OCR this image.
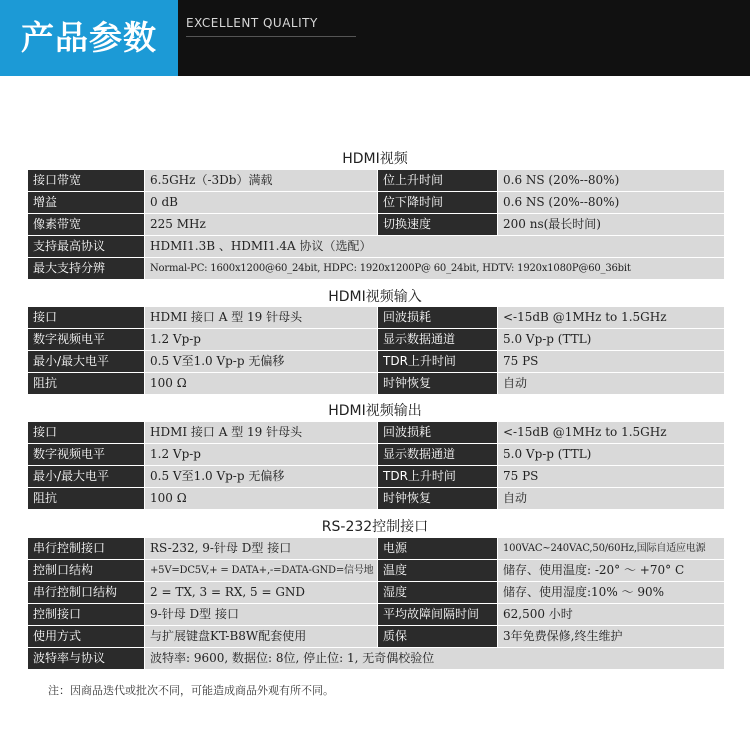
产品参数	EXCELLENT QUALITY
HDMI视频
接口带宽	6.5GHz（-3Db）满载	位上升时间	0.6 NS (20%--80%)
增益	0 dB	位下降时间	0.6 NS (20%--80%)
像素带宽	225 MHz	切换速度	200 ns(最长时间)
支持最高协议	HDMI1.3B 、HDMI1.4A 协议（选配）		
最大支持分辨	Normal-PC: 1600x1200@60_24bit, HDPC: 1920x1200P@ 60_24bit, HDTV: 1920x1080P@60_36bit		
HDMI视频输入
接口	HDMI 接口 A 型 19 针母头	回波损耗	<-15dB @1MHz to 1.5GHz
数字视频电平	1.2 Vp-p	显示数据通道	5.0 Vp-p (TTL)
最小/最大电平	0.5 V至1.0 Vp-p 无偏移	TDR上升时间	75 PS
阻抗	100 Ω	时钟恢复	自动
HDMI视频输出
接口	HDMI 接口 A 型 19 针母头	回波损耗	<-15dB @1MHz to 1.5GHz
数字视频电平	1.2 Vp-p	显示数据通道	5.0 Vp-p (TTL)
最小/最大电平	0.5 V至1.0 Vp-p 无偏移	TDR上升时间	75 PS
阻抗	100 Ω	时钟恢复	自动
RS-232控制接口
串行控制接口	RS-232, 9-针母 D型 接口	电源	100VAC~240VAC,50/60Hz,国际自适应电源
控制口结构	+5V=DC5V,+ = DATA+,-=DATA-GND=信号地	温度	储存、使用温度: -20° ～ +70° C
串行控制口结构	2 = TX, 3 = RX, 5 = GND	湿度	储存、使用湿度:10% ～ 90%
控制接口	9-针母 D型 接口	平均故障间隔时间	62,500 小时
使用方式	与扩展键盘KT-B8W配套使用	质保	3年免费保修,终生维护
波特率与协议	波特率: 9600, 数据位: 8位, 停止位: 1, 无奇偶校验位		
注：因商品迭代或批次不同，可能造成商品外观有所不同。
